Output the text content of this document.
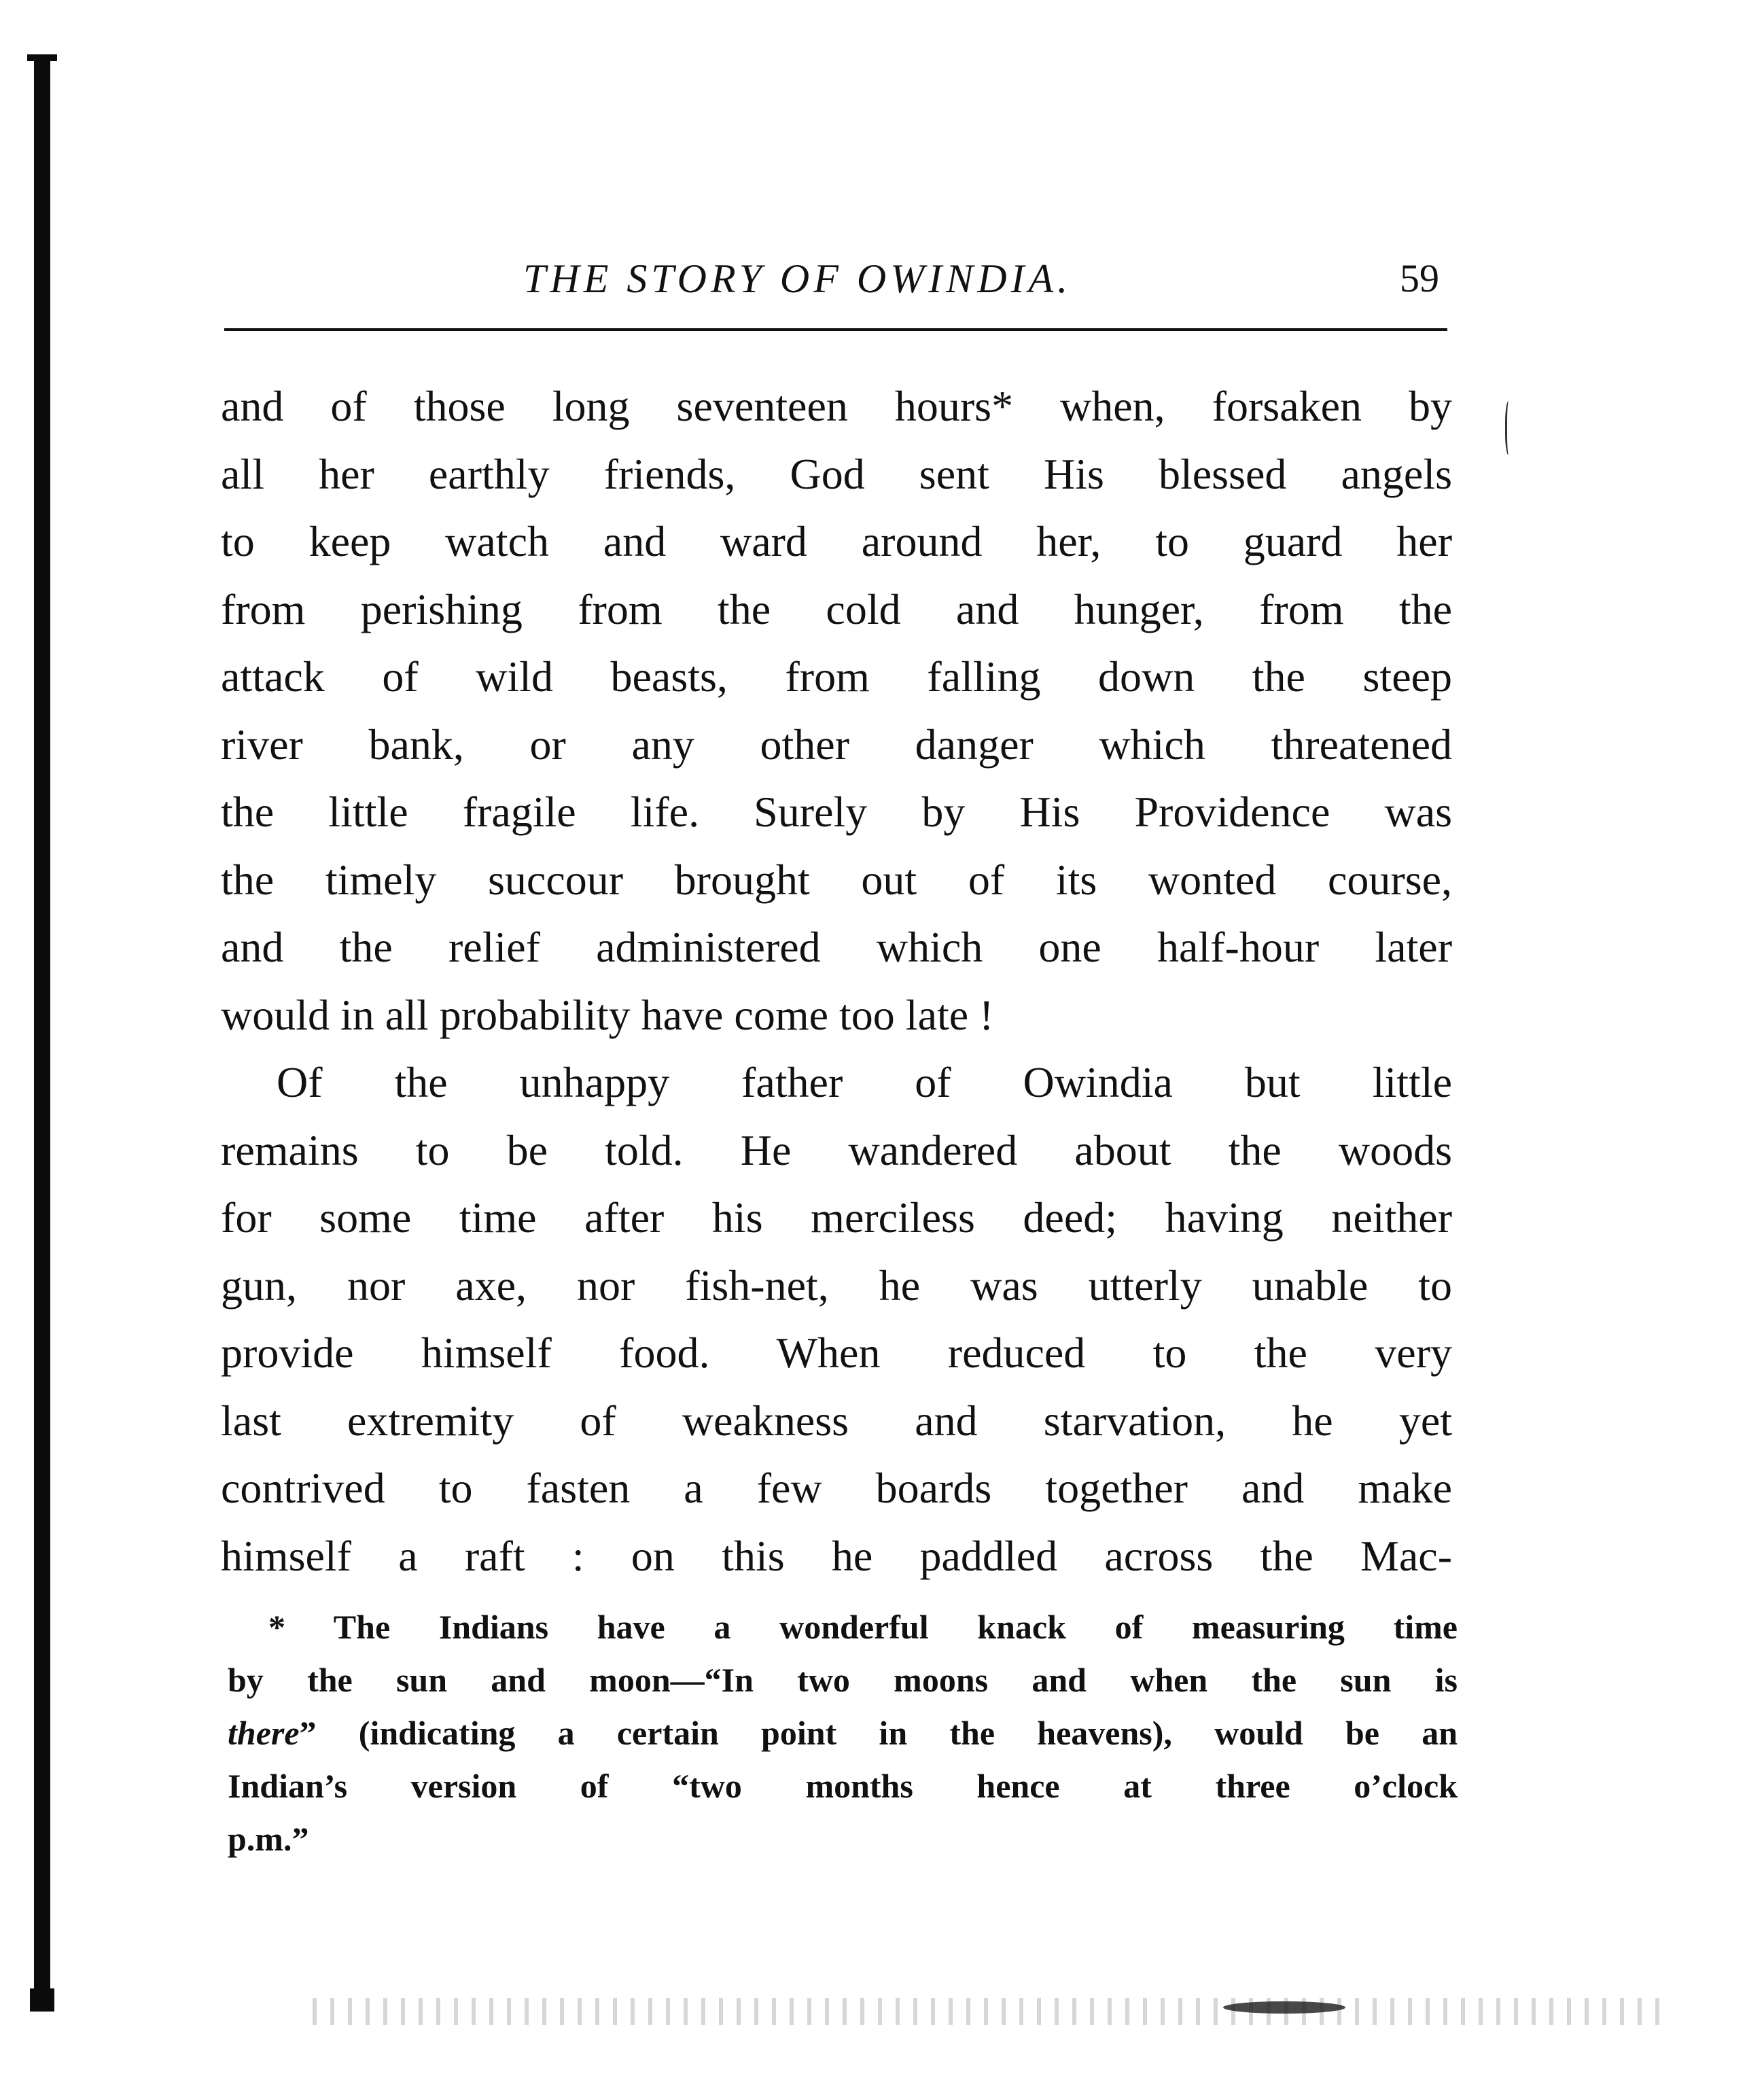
THE STORY OF OWINDIA.	59
and of those long seventeen hours* when, forsaken by
all her earthly friends, God sent His blessed angels
to keep watch and ward around her, to guard her
from perishing from the cold and hunger, from the
attack of wild beasts, from falling down the steep
river bank, or any other danger which threatened
the little fragile life. Surely by His Providence was
the timely succour brought out of its wonted course,
and the relief administered which one half-hour later
would in all probability have come too late !
Of the unhappy father of Owindia but little
remains to be told. He wandered about the woods
for some time after his merciless deed; having neither
gun, nor axe, nor fish-net, he was utterly unable to
provide himself food. When reduced to the very
last extremity of weakness and starvation, he yet
contrived to fasten a few boards together and make
himself a raft : on this he paddled across the Mac-
* The Indians have a wonderful knack of measuring time
by the sun and moon—“In two moons and when the sun is
there” (indicating a certain point in the heavens), would be an
Indian’s version of “two months hence at three o’clock
p.m.”
